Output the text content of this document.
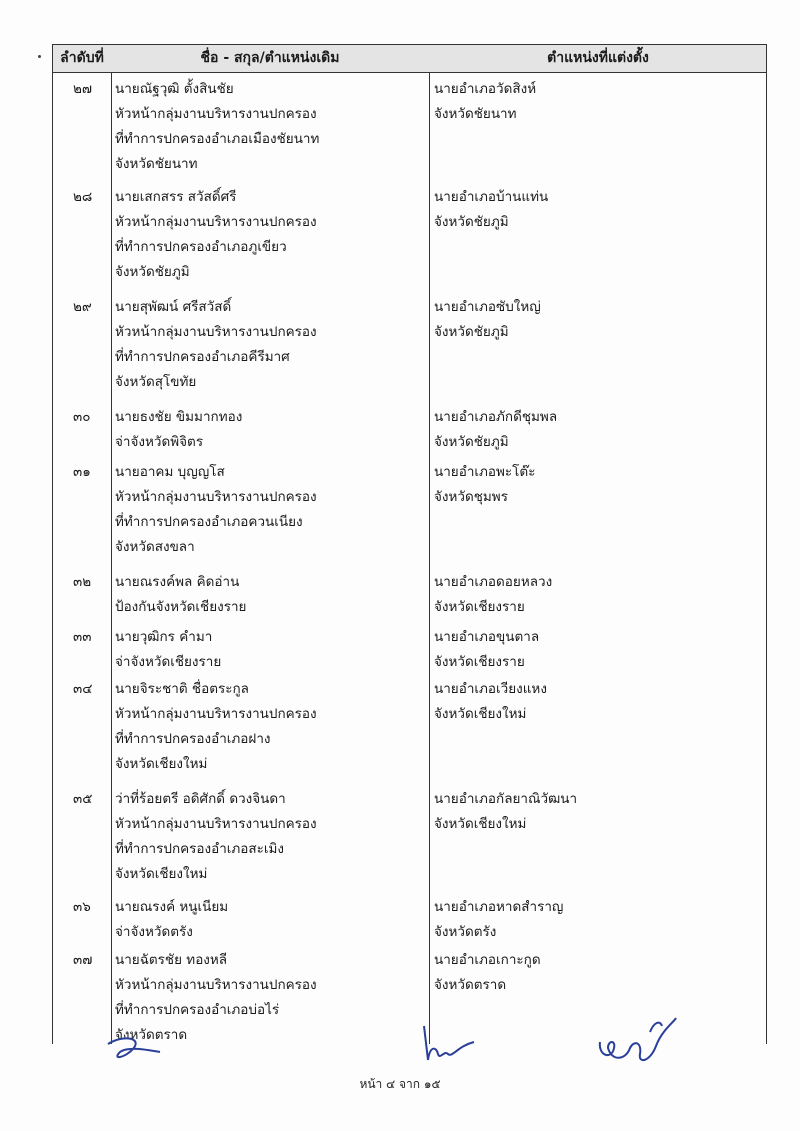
ลำดับที่	ชื่อ - สกุล/ตำแหน่งเดิม	ตำแหน่งที่แต่งตั้ง
๒๗ นายณัฐวุฒิ ตั้งสินชัย
หัวหน้ากลุ่มงานบริหารงานปกครอง
ที่ทำการปกครองอำเภอเมืองชัยนาท
จังหวัดชัยนาท
นายอำเภอวัดสิงห์
จังหวัดชัยนาท
๒๘ นายเสกสรร สวัสดิ์ศรี
หัวหน้ากลุ่มงานบริหารงานปกครอง
ที่ทำการปกครองอำเภอภูเขียว
จังหวัดชัยภูมิ
นายอำเภอบ้านแท่น
จังหวัดชัยภูมิ
๒๙ นายสุพัฒน์ ศรีสวัสดิ์
หัวหน้ากลุ่มงานบริหารงานปกครอง
ที่ทำการปกครองอำเภอคีรีมาศ
จังหวัดสุโขทัย
นายอำเภอซับใหญ่
จังหวัดชัยภูมิ
๓๐ นายธงชัย ขิมมากทอง
จ่าจังหวัดพิจิตร
นายอำเภอภักดีชุมพล
จังหวัดชัยภูมิ
๓๑ นายอาคม บุญญโส
หัวหน้ากลุ่มงานบริหารงานปกครอง
ที่ทำการปกครองอำเภอควนเนียง
จังหวัดสงขลา
นายอำเภอพะโต๊ะ
จังหวัดชุมพร
๓๒ นายณรงค์พล คิดอ่าน
ป้องกันจังหวัดเชียงราย
นายอำเภอดอยหลวง
จังหวัดเชียงราย
๓๓ นายวุฒิกร คำมา
จ่าจังหวัดเชียงราย
นายอำเภอขุนตาล
จังหวัดเชียงราย
๓๔ นายจิระชาติ ชื่อตระกูล
หัวหน้ากลุ่มงานบริหารงานปกครอง
ที่ทำการปกครองอำเภอฝาง
จังหวัดเชียงใหม่
นายอำเภอเวียงแหง
จังหวัดเชียงใหม่
๓๕ ว่าที่ร้อยตรี อดิศักดิ์ ดวงจินดา
หัวหน้ากลุ่มงานบริหารงานปกครอง
ที่ทำการปกครองอำเภอสะเมิง
จังหวัดเชียงใหม่
นายอำเภอกัลยาณิวัฒนา
จังหวัดเชียงใหม่
๓๖ นายณรงค์ หนูเนียม
จ่าจังหวัดตรัง
นายอำเภอหาดสำราญ
จังหวัดตรัง
๓๗ นายฉัตรชัย ทองหลี
หัวหน้ากลุ่มงานบริหารงานปกครอง
ที่ทำการปกครองอำเภอบ่อไร่
จังหวัดตราด
นายอำเภอเกาะกูด
จังหวัดตราด
หน้า ๔ จาก ๑๕
